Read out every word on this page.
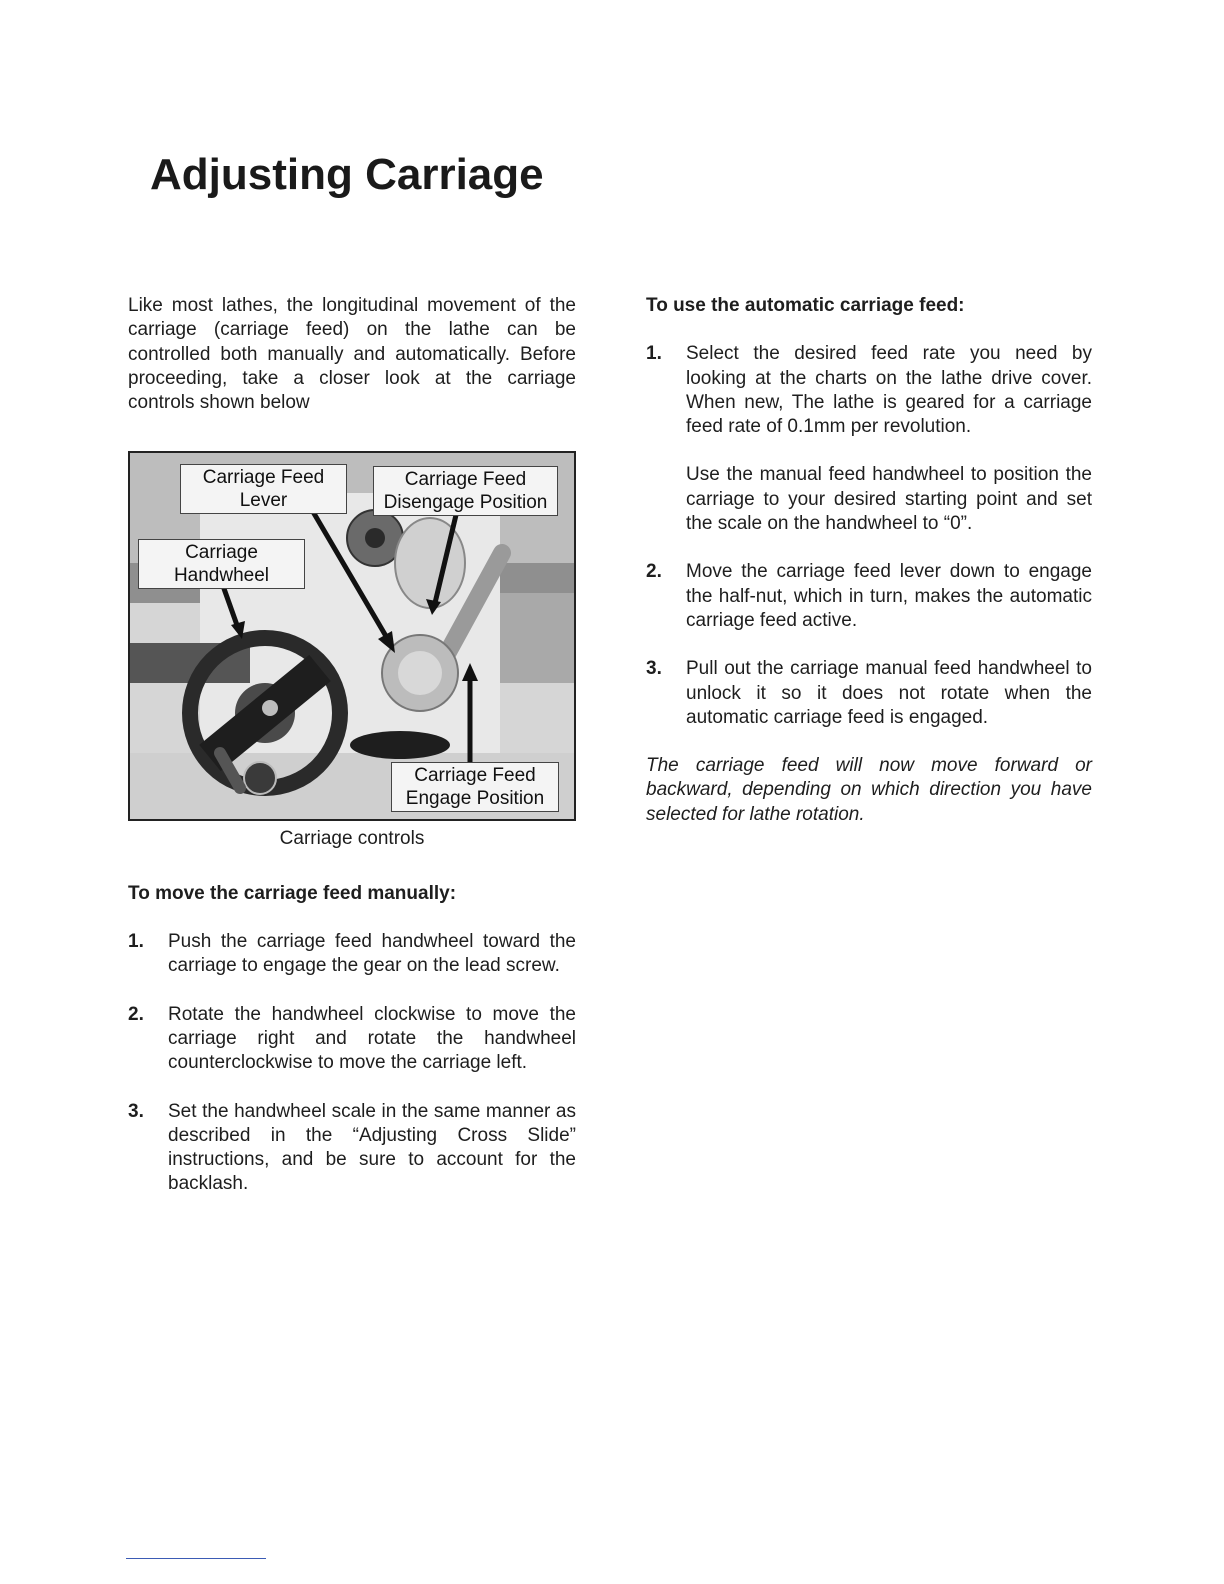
Adjusting Carriage

Like most lathes, the longitudinal movement of the carriage (carriage feed) on the lathe can be controlled both manually and automatically. Before proceeding, take a closer look at the carriage controls shown below

Carriage Feed
Lever
Carriage Feed
Disengage Position
Carriage
Handwheel
Carriage Feed
Engage Position

Carriage controls

To move the carriage feed manually:

1. Push the carriage feed handwheel toward the carriage to engage the gear on the lead screw.
2. Rotate the handwheel clockwise to move the carriage right and rotate the handwheel counterclockwise to move the carriage left.
3. Set the handwheel scale in the same manner as described in the “Adjusting Cross Slide” instructions, and be sure to account for the backlash.

To use the automatic carriage feed:

1. Select the desired feed rate you need by looking at the charts on the lathe drive cover. When new, The lathe is geared for a carriage feed rate of 0.1mm per revolution.
Use the manual feed handwheel to position the carriage to your desired starting point and set the scale on the handwheel to “0”.
2. Move the carriage feed lever down to engage the half-nut, which in turn, makes the automatic carriage feed active.
3. Pull out the carriage manual feed handwheel to unlock it so it does not rotate when the automatic carriage feed is engaged.

The carriage feed will now move forward or backward, depending on which direction you have selected for lathe rotation.
